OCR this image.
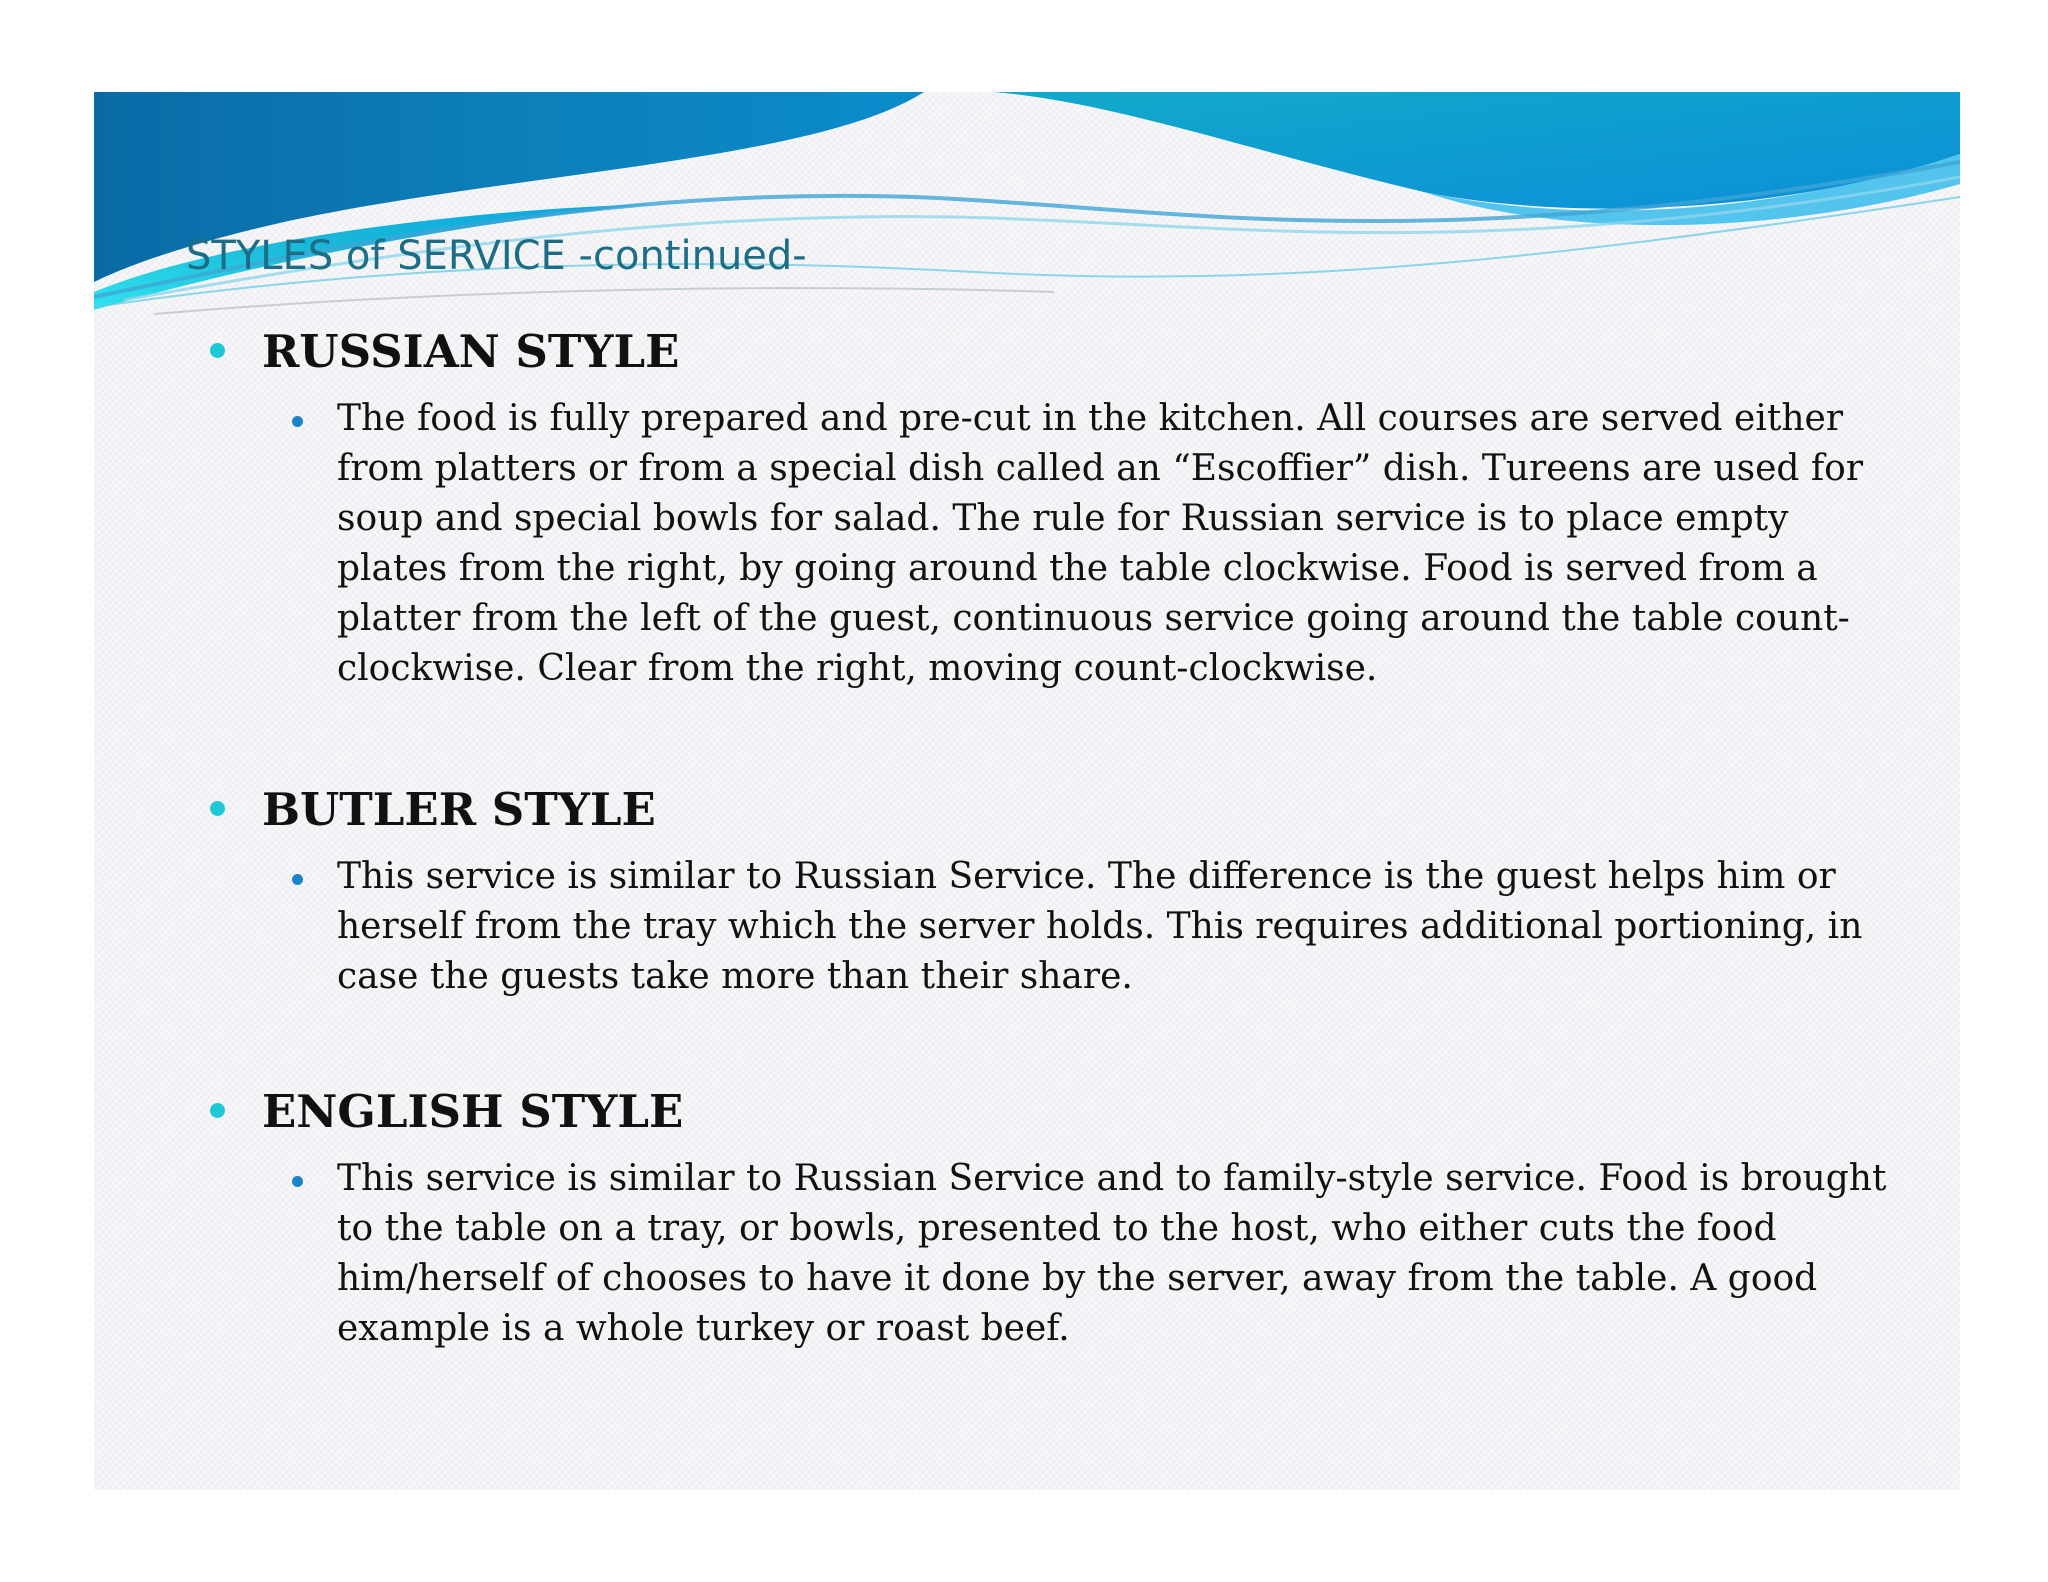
STYLES of SERVICE -continued-
RUSSIAN STYLE

The food is fully prepared and pre-cut in the kitchen. All courses are served either
from platters or from a special dish called an “Escoffier” dish. Tureens are used for
soup and special bowls for salad. The rule for Russian service is to place empty
plates from the right, by going around the table clockwise. Food is served from a
platter from the left of the guest, continuous service going around the table count-
clockwise. Clear from the right, moving count-clockwise.

BUTLER STYLE

This service is similar to Russian Service. The difference is the guest helps him or
herself from the tray which the server holds. This requires additional portioning, in
case the guests take more than their share.

ENGLISH STYLE

This service is similar to Russian Service and to family-style service. Food is brought
to the table on a tray, or bowls, presented to the host, who either cuts the food
him/herself of chooses to have it done by the server, away from the table. A good
example is a whole turkey or roast beef.
